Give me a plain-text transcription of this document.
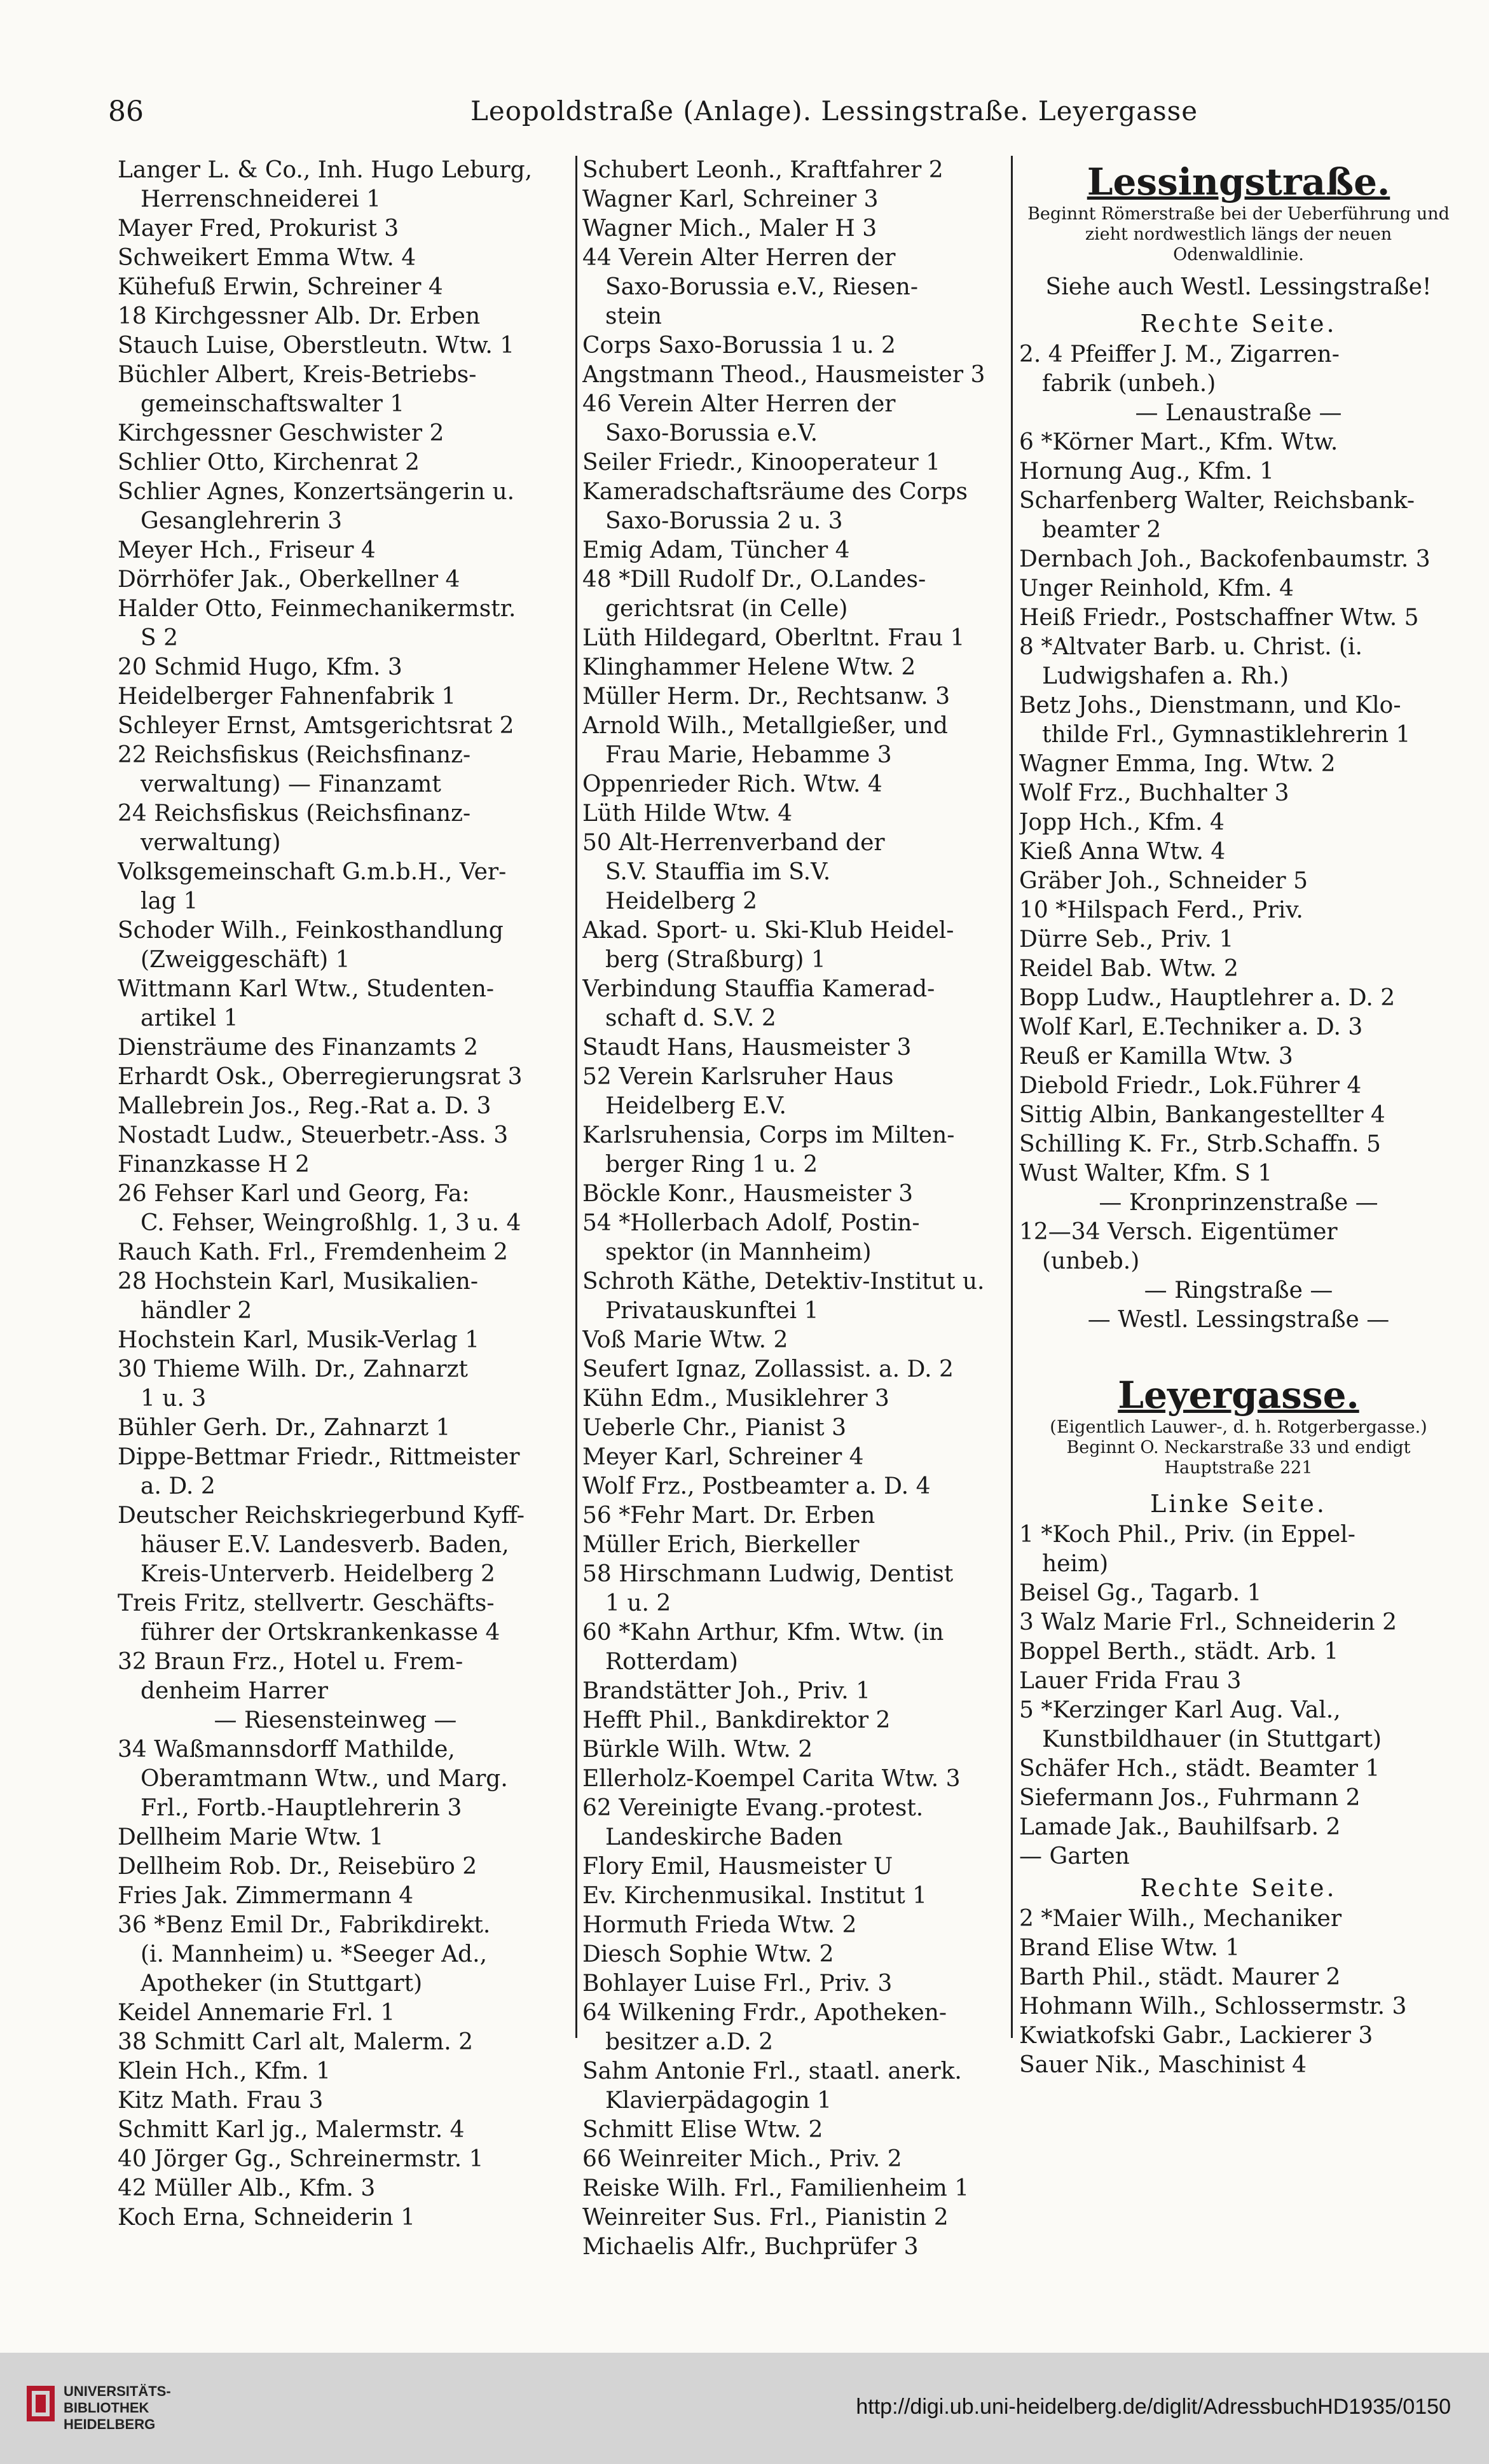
86	Leopoldstraße (Anlage). Lessingstraße. Leyergasse
Langer L. & Co., Inh. Hugo Leburg,
Herrenschneiderei 1
Mayer Fred, Prokurist 3
Schweikert Emma Wtw. 4
Kühefuß Erwin, Schreiner 4
18 Kirchgessner Alb. Dr. Erben
Stauch Luise, Oberstleutn. Wtw. 1
Büchler Albert, Kreis-Betriebs-
gemeinschaftswalter 1
Kirchgessner Geschwister 2
Schlier Otto, Kirchenrat 2
Schlier Agnes, Konzertsängerin u.
Gesanglehrerin 3
Meyer Hch., Friseur 4
Dörrhöfer Jak., Oberkellner 4
Halder Otto, Feinmechanikermstr.
S 2
20 Schmid Hugo, Kfm. 3
Heidelberger Fahnenfabrik 1
Schleyer Ernst, Amtsgerichtsrat 2
22 Reichsfiskus (Reichsfinanz-
verwaltung) — Finanzamt
24 Reichsfiskus (Reichsfinanz-
verwaltung)
Volksgemeinschaft G.m.b.H., Ver-
lag 1
Schoder Wilh., Feinkosthandlung
(Zweiggeschäft) 1
Wittmann Karl Wtw., Studenten-
artikel 1
Diensträume des Finanzamts 2
Erhardt Osk., Oberregierungsrat 3
Mallebrein Jos., Reg.-Rat a. D. 3
Nostadt Ludw., Steuerbetr.-Ass. 3
Finanzkasse H 2
26 Fehser Karl und Georg, Fa:
C. Fehser, Weingroßhlg. 1, 3 u. 4
Rauch Kath. Frl., Fremdenheim 2
28 Hochstein Karl, Musikalien-
händler 2
Hochstein Karl, Musik-Verlag 1
30 Thieme Wilh. Dr., Zahnarzt
1 u. 3
Bühler Gerh. Dr., Zahnarzt 1
Dippe-Bettmar Friedr., Rittmeister
a. D. 2
Deutscher Reichskriegerbund Kyff-
häuser E.V. Landesverb. Baden,
Kreis-Unterverb. Heidelberg 2
Treis Fritz, stellvertr. Geschäfts-
führer der Ortskrankenkasse 4
32 Braun Frz., Hotel u. Frem-
denheim Harrer
— Riesensteinweg —
34 Waßmannsdorff Mathilde,
Oberamtmann Wtw., und Marg.
Frl., Fortb.-Hauptlehrerin 3
Dellheim Marie Wtw. 1
Dellheim Rob. Dr., Reisebüro 2
Fries Jak. Zimmermann 4
36 *Benz Emil Dr., Fabrikdirekt.
(i. Mannheim) u. *Seeger Ad.,
Apotheker (in Stuttgart)
Keidel Annemarie Frl. 1
38 Schmitt Carl alt, Malerm. 2
Klein Hch., Kfm. 1
Kitz Math. Frau 3
Schmitt Karl jg., Malermstr. 4
40 Jörger Gg., Schreinermstr. 1
42 Müller Alb., Kfm. 3
Koch Erna, Schneiderin 1
Schubert Leonh., Kraftfahrer 2
Wagner Karl, Schreiner 3
Wagner Mich., Maler H 3
44 Verein Alter Herren der
Saxo-Borussia e.V., Riesen-
stein
Corps Saxo-Borussia 1 u. 2
Angstmann Theod., Hausmeister 3
46 Verein Alter Herren der
Saxo-Borussia e.V.
Seiler Friedr., Kinooperateur 1
Kameradschaftsräume des Corps
Saxo-Borussia 2 u. 3
Emig Adam, Tüncher 4
48 *Dill Rudolf Dr., O.Landes-
gerichtsrat (in Celle)
Lüth Hildegard, Oberltnt. Frau 1
Klinghammer Helene Wtw. 2
Müller Herm. Dr., Rechtsanw. 3
Arnold Wilh., Metallgießer, und
Frau Marie, Hebamme 3
Oppenrieder Rich. Wtw. 4
Lüth Hilde Wtw. 4
50 Alt-Herrenverband der
S.V. Stauffia im S.V.
Heidelberg 2
Akad. Sport- u. Ski-Klub Heidel-
berg (Straßburg) 1
Verbindung Stauffia Kamerad-
schaft d. S.V. 2
Staudt Hans, Hausmeister 3
52 Verein Karlsruher Haus
Heidelberg E.V.
Karlsruhensia, Corps im Milten-
berger Ring 1 u. 2
Böckle Konr., Hausmeister 3
54 *Hollerbach Adolf, Postin-
spektor (in Mannheim)
Schroth Käthe, Detektiv-Institut u.
Privatauskunftei 1
Voß Marie Wtw. 2
Seufert Ignaz, Zollassist. a. D. 2
Kühn Edm., Musiklehrer 3
Ueberle Chr., Pianist 3
Meyer Karl, Schreiner 4
Wolf Frz., Postbeamter a. D. 4
56 *Fehr Mart. Dr. Erben
Müller Erich, Bierkeller
58 Hirschmann Ludwig, Dentist
1 u. 2
60 *Kahn Arthur, Kfm. Wtw. (in
Rotterdam)
Brandstätter Joh., Priv. 1
Hefft Phil., Bankdirektor 2
Bürkle Wilh. Wtw. 2
Ellerholz-Koempel Carita Wtw. 3
62 Vereinigte Evang.-protest.
Landeskirche Baden
Flory Emil, Hausmeister U
Ev. Kirchenmusikal. Institut 1
Hormuth Frieda Wtw. 2
Diesch Sophie Wtw. 2
Bohlayer Luise Frl., Priv. 3
64 Wilkening Frdr., Apotheken-
besitzer a.D. 2
Sahm Antonie Frl., staatl. anerk.
Klavierpädagogin 1
Schmitt Elise Wtw. 2
66 Weinreiter Mich., Priv. 2
Reiske Wilh. Frl., Familienheim 1
Weinreiter Sus. Frl., Pianistin 2
Michaelis Alfr., Buchprüfer 3
Lessingstraße.
Beginnt Römerstraße bei der Ueberführung und zieht nordwestlich längs der neuen Odenwaldlinie.
Siehe auch Westl. Lessingstraße!
Rechte Seite.
2. 4 Pfeiffer J. M., Zigarren-
fabrik (unbeh.)
— Lenaustraße —
6 *Körner Mart., Kfm. Wtw.
Hornung Aug., Kfm. 1
Scharfenberg Walter, Reichsbank-
beamter 2
Dernbach Joh., Backofenbaumstr. 3
Unger Reinhold, Kfm. 4
Heiß Friedr., Postschaffner Wtw. 5
8 *Altvater Barb. u. Christ. (i.
Ludwigshafen a. Rh.)
Betz Johs., Dienstmann, und Klo-
thilde Frl., Gymnastiklehrerin 1
Wagner Emma, Ing. Wtw. 2
Wolf Frz., Buchhalter 3
Jopp Hch., Kfm. 4
Kieß Anna Wtw. 4
Gräber Joh., Schneider 5
10 *Hilspach Ferd., Priv.
Dürre Seb., Priv. 1
Reidel Bab. Wtw. 2
Bopp Ludw., Hauptlehrer a. D. 2
Wolf Karl, E.Techniker a. D. 3
Reuß er Kamilla Wtw. 3
Diebold Friedr., Lok.Führer 4
Sittig Albin, Bankangestellter 4
Schilling K. Fr., Strb.Schaffn. 5
Wust Walter, Kfm. S 1
— Kronprinzenstraße —
12—34 Versch. Eigentümer
(unbeb.)
— Ringstraße —
— Westl. Lessingstraße —
Leyergasse.
(Eigentlich Lauwer-, d. h. Rotgerbergasse.) Beginnt O. Neckarstraße 33 und endigt Hauptstraße 221
Linke Seite.
1 *Koch Phil., Priv. (in Eppel-
heim)
Beisel Gg., Tagarb. 1
3 Walz Marie Frl., Schneiderin 2
Boppel Berth., städt. Arb. 1
Lauer Frida Frau 3
5 *Kerzinger Karl Aug. Val.,
Kunstbildhauer (in Stuttgart)
Schäfer Hch., städt. Beamter 1
Siefermann Jos., Fuhrmann 2
Lamade Jak., Bauhilfsarb. 2
— Garten
Rechte Seite.
2 *Maier Wilh., Mechaniker
Brand Elise Wtw. 1
Barth Phil., städt. Maurer 2
Hohmann Wilh., Schlossermstr. 3
Kwiatkofski Gabr., Lackierer 3
Sauer Nik., Maschinist 4
UNIVERSITÄTS-
BIBLIOTHEK
HEIDELBERG
http://digi.ub.uni-heidelberg.de/diglit/AdressbuchHD1935/0150
